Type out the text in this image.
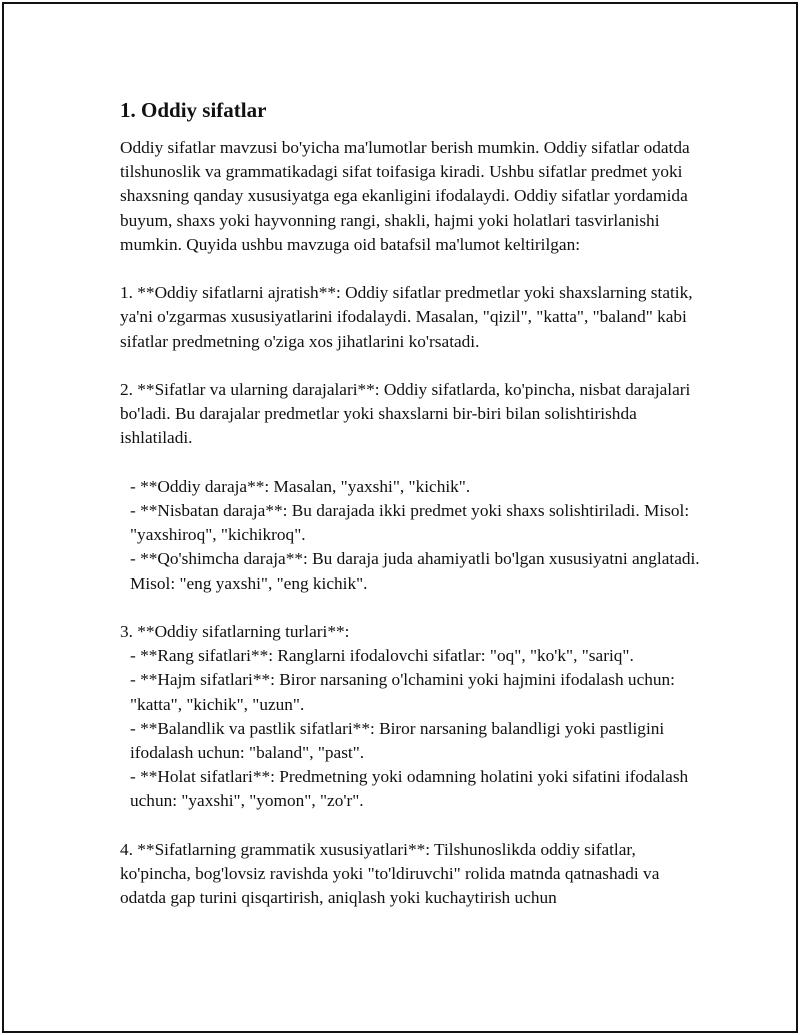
1. Oddiy sifatlar

Oddiy sifatlar mavzusi bo'yicha ma'lumotlar berish mumkin. Oddiy sifatlar odatda tilshunoslik va grammatikadagi sifat toifasiga kiradi. Ushbu sifatlar predmet yoki shaxsning qanday xususiyatga ega ekanligini ifodalaydi. Oddiy sifatlar yordamida buyum, shaxs yoki hayvonning rangi, shakli, hajmi yoki holatlari tasvirlanishi mumkin. Quyida ushbu mavzuga oid batafsil ma'lumot keltirilgan:

1. **Oddiy sifatlarni ajratish**: Oddiy sifatlar predmetlar yoki shaxslarning statik, ya'ni o'zgarmas xususiyatlarini ifodalaydi. Masalan, "qizil", "katta", "baland" kabi sifatlar predmetning o'ziga xos jihatlarini ko'rsatadi.

2. **Sifatlar va ularning darajalari**: Oddiy sifatlarda, ko'pincha, nisbat darajalari bo'ladi. Bu darajalar predmetlar yoki shaxslarni bir-biri bilan solishtirishda ishlatiladi.

- **Oddiy daraja**: Masalan, "yaxshi", "kichik".

- **Nisbatan daraja**: Bu darajada ikki predmet yoki shaxs solishtiriladi. Misol: "yaxshiroq", "kichikroq".

- **Qo'shimcha daraja**: Bu daraja juda ahamiyatli bo'lgan xususiyatni anglatadi. Misol: "eng yaxshi", "eng kichik".

3. **Oddiy sifatlarning turlari**:

- **Rang sifatlari**: Ranglarni ifodalovchi sifatlar: "oq", "ko'k", "sariq".

- **Hajm sifatlari**: Biror narsaning o'lchamini yoki hajmini ifodalash uchun: "katta", "kichik", "uzun".

- **Balandlik va pastlik sifatlari**: Biror narsaning balandligi yoki pastligini ifodalash uchun: "baland", "past".

- **Holat sifatlari**: Predmetning yoki odamning holatini yoki sifatini ifodalash uchun: "yaxshi", "yomon", "zo'r".

4. **Sifatlarning grammatik xususiyatlari**: Tilshunoslikda oddiy sifatlar, ko'pincha, bog'lovsiz ravishda yoki "to'ldiruvchi" rolida matnda qatnashadi va odatda gap turini qisqartirish, aniqlash yoki kuchaytirish uchun
